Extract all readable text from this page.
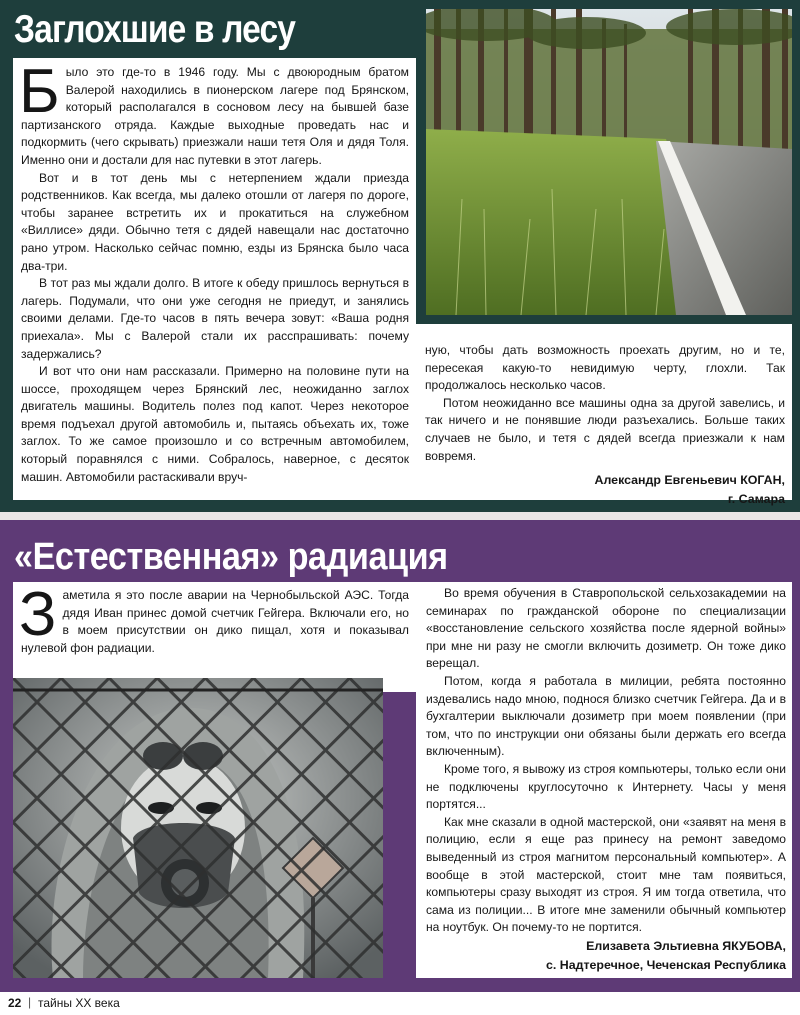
Заглохшие в лесу

Было это где-то в 1946 году. Мы с двоюродным братом Валерой находились в пионерском лагере под Брянском, который располагался в сосновом лесу на бывшей базе партизанского отряда. Каждые выходные проведать нас и подкормить (чего скрывать) приезжали наши тетя Оля и дядя Толя. Именно они и достали для нас путевки в этот лагерь.

Вот и в тот день мы с нетерпением ждали приезда родственников. Как всегда, мы далеко отошли от лагеря по дороге, чтобы заранее встретить их и прокатиться на служебном «Виллисе» дяди. Обычно тетя с дядей навещали нас достаточно рано утром. Насколько сейчас помню, езды из Брянска было часа два-три.

В тот раз мы ждали долго. В итоге к обеду пришлось вернуться в лагерь. Подумали, что они уже сегодня не приедут, и занялись своими делами. Где-то часов в пять вечера зовут: «Ваша родня приехала». Мы с Валерой стали их расспрашивать: почему задержались?

И вот что они нам рассказали. Примерно на половине пути на шоссе, проходящем через Брянский лес, неожиданно заглох двигатель машины. Водитель полез под капот. Через некоторое время подъехал другой автомобиль и, пытаясь объехать их, тоже заглох. То же самое произошло и со встречным автомобилем, который поравнялся с ними. Собралось, наверное, с десяток машин. Автомобили растаскивали вруч-

ную, чтобы дать возможность проехать другим, но и те, пересекая какую-то невидимую черту, глохли. Так продолжалось несколько часов.

Потом неожиданно все машины одна за другой завелись, и так ничего и не понявшие люди разъехались. Больше таких случаев не было, и тетя с дядей всегда приезжали к нам вовремя.

Александр Евгеньевич КОГАН,
г. Самара
«Естественная» радиация

Заметила я это после аварии на Чернобыльской АЭС. Тогда дядя Иван принес домой счетчик Гейгера. Включали его, но в моем присутствии он дико пищал, хотя и показывал нулевой фон радиации.

Во время обучения в Ставропольской сельхозакадемии на семинарах по гражданской обороне по специализации «восстановление сельского хозяйства после ядерной войны» при мне ни разу не смогли включить дозиметр. Он тоже дико верещал.

Потом, когда я работала в милиции, ребята постоянно издевались надо мною, поднося близко счетчик Гейгера. Да и в бухгалтерии выключали дозиметр при моем появлении (при том, что по инструкции они обязаны были держать его всегда включенным).

Кроме того, я вывожу из строя компьютеры, только если они не подключены круглосуточно к Интернету. Часы у меня портятся...

Как мне сказали в одной мастерской, они «заявят на меня в полицию, если я еще раз принесу на ремонт заведомо выведенный из строя магнитом персональный компьютер». А вообще в этой мастерской, стоит мне там появиться, компьютеры сразу выходят из строя. Я им тогда ответила, что сама из полиции... В итоге мне заменили обычный компьютер на ноутбук. Он почему-то не портится.

Елизавета Эльтиевна ЯКУБОВА,
с. Надтеречное, Чеченская Республика
22 | тайны XX века
